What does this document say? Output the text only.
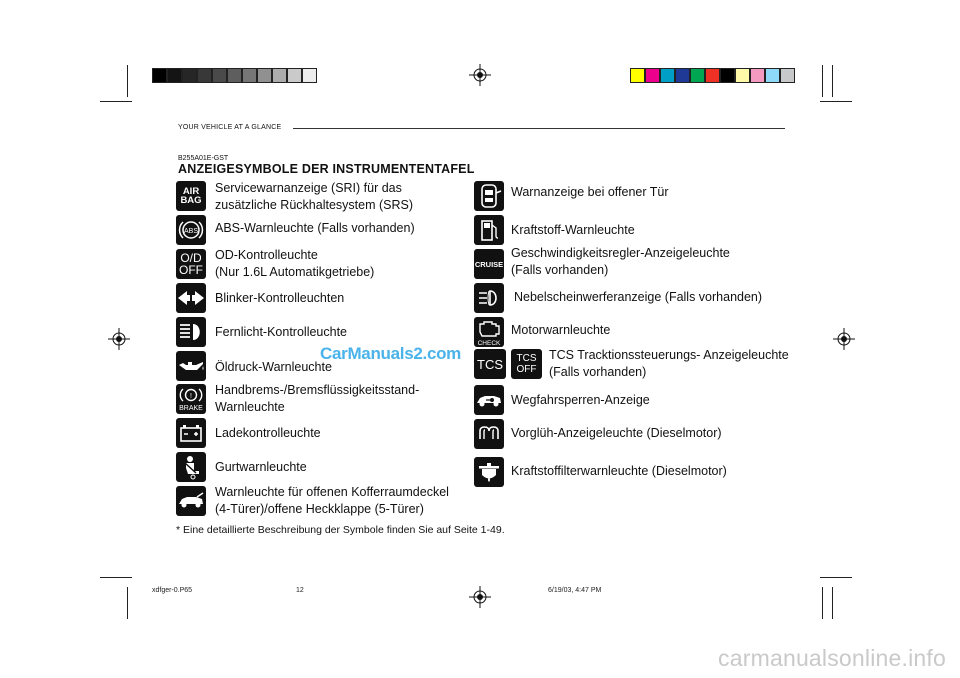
YOUR VEHICLE AT A GLANCE
B255A01E-GST
ANZEIGESYMBOLE DER INSTRUMENTENTAFEL
AIR
BAG
Servicewarnanzeige (SRI) für das
zusätzliche Rückhaltesystem (SRS)
ABS ABS-Warnleuchte (Falls vorhanden)
O/D
OFF
OD-Kontrolleuchte
(Nur 1.6L Automatikgetriebe)
Blinker-Kontrolleuchten
Fernlicht-Kontrolleuchte
Öldruck-Warnleuchte
!
BRAKE
Handbrems-/Bremsflüssigkeitsstand-
Warnleuchte
Ladekontrolleuchte
Gurtwarnleuchte
Warnleuchte für offenen Kofferraumdeckel
(4-Türer)/offene Heckklappe (5-Türer)
Warnanzeige bei offener Tür
Kraftstoff-Warnleuchte
CRUISE
Geschwindigkeitsregler-Anzeigeleuchte
(Falls vorhanden)
Nebelscheinwerferanzeige (Falls vorhanden)
CHECK
Motorwarnleuchte
TCS TCS
OFF
TCS Tracktionssteuerungs- Anzeigeleuchte
(Falls vorhanden)
Wegfahrsperren-Anzeige
Vorglüh-Anzeigeleuchte (Dieselmotor)
Kraftstoffilterwarnleuchte (Dieselmotor)
CarManuals2.com
* Eine detaillierte Beschreibung der Symbole finden Sie auf Seite 1-49.
xdfger-0.P65	12	6/19/03, 4:47 PM
carmanualsonline.info
